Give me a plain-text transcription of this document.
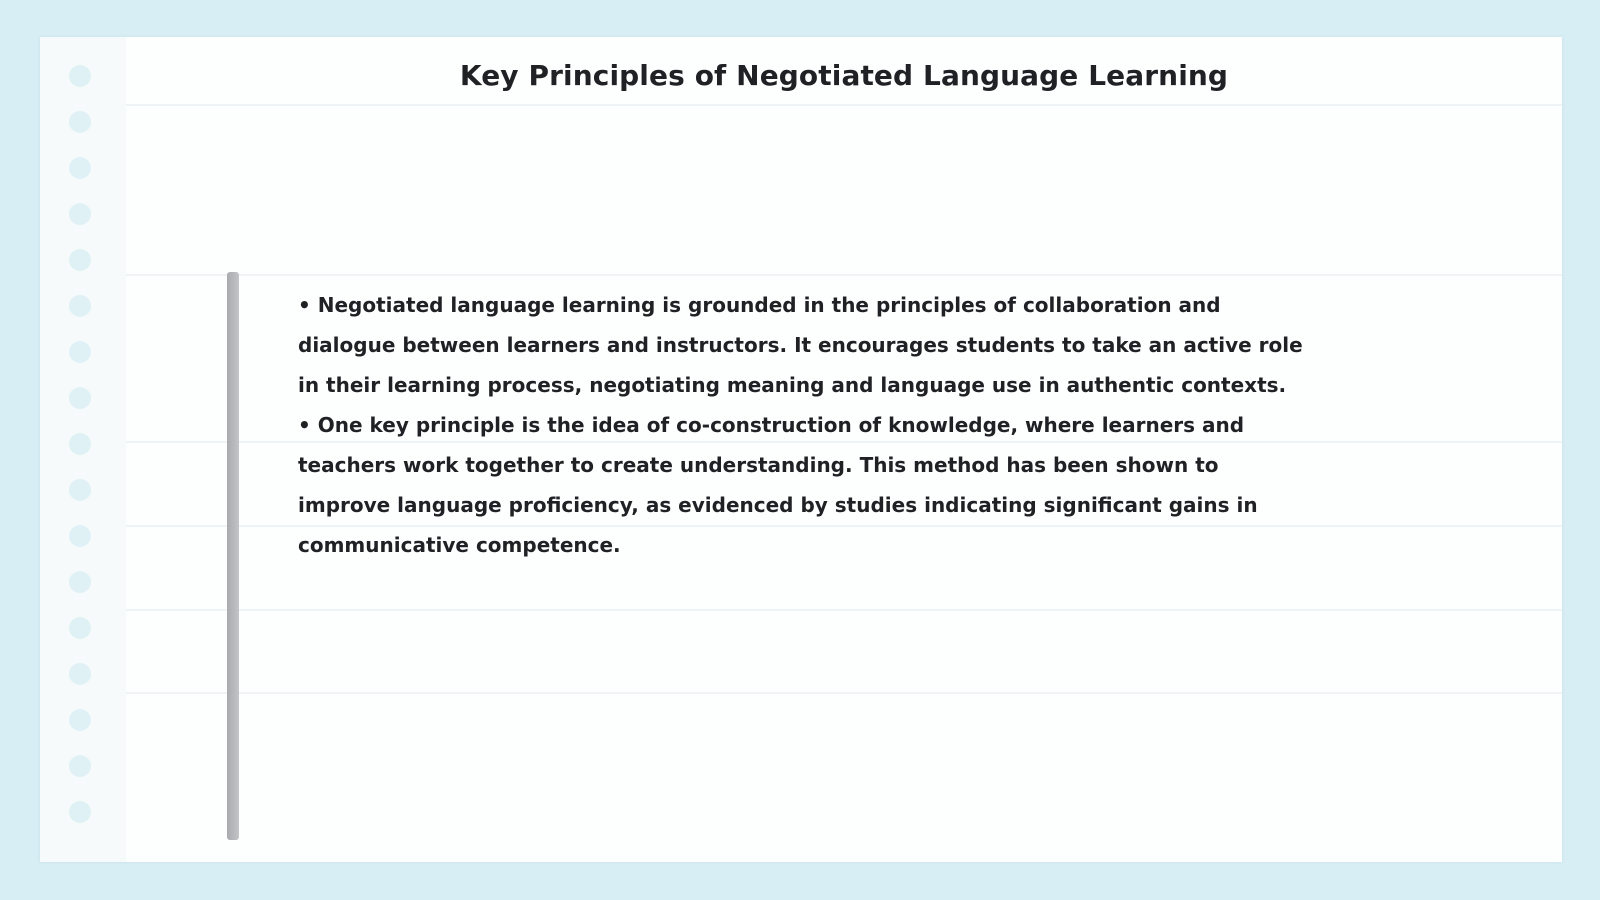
Key Principles of Negotiated Language Learning

• Negotiated language learning is grounded in the principles of collaboration and dialogue between learners and instructors. It encourages students to take an active role in their learning process, negotiating meaning and language use in authentic contexts.

• One key principle is the idea of co-construction of knowledge, where learners and teachers work together to create understanding. This method has been shown to improve language proficiency, as evidenced by studies indicating significant gains in communicative competence.
